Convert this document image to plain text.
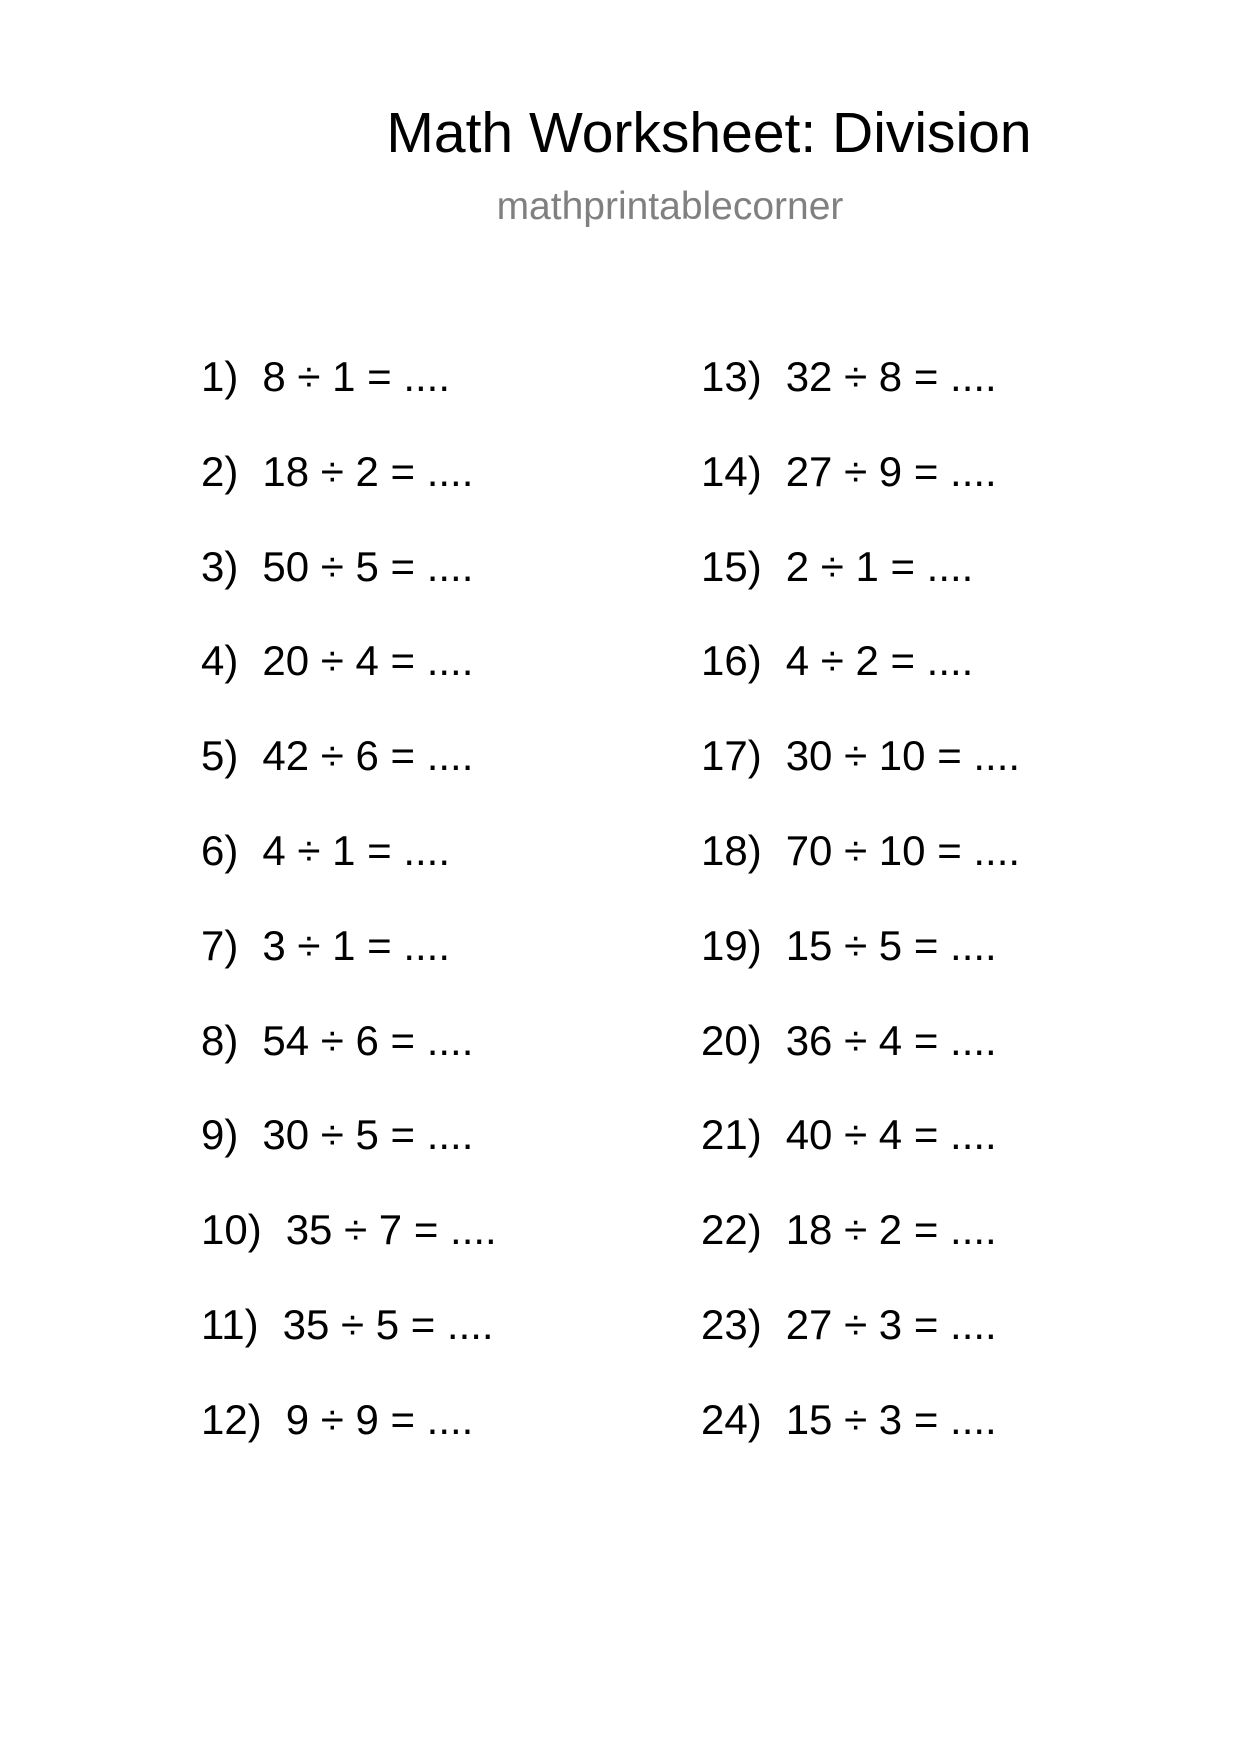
Math Worksheet: Division
mathprintablecorner
1) 8 ÷ 1 = ....
2) 18 ÷ 2 = ....
3) 50 ÷ 5 = ....
4) 20 ÷ 4 = ....
5) 42 ÷ 6 = ....
6) 4 ÷ 1 = ....
7) 3 ÷ 1 = ....
8) 54 ÷ 6 = ....
9) 30 ÷ 5 = ....
10) 35 ÷ 7 = ....
11) 35 ÷ 5 = ....
12) 9 ÷ 9 = ....
13) 32 ÷ 8 = ....
14) 27 ÷ 9 = ....
15) 2 ÷ 1 = ....
16) 4 ÷ 2 = ....
17) 30 ÷ 10 = ....
18) 70 ÷ 10 = ....
19) 15 ÷ 5 = ....
20) 36 ÷ 4 = ....
21) 40 ÷ 4 = ....
22) 18 ÷ 2 = ....
23) 27 ÷ 3 = ....
24) 15 ÷ 3 = ....
